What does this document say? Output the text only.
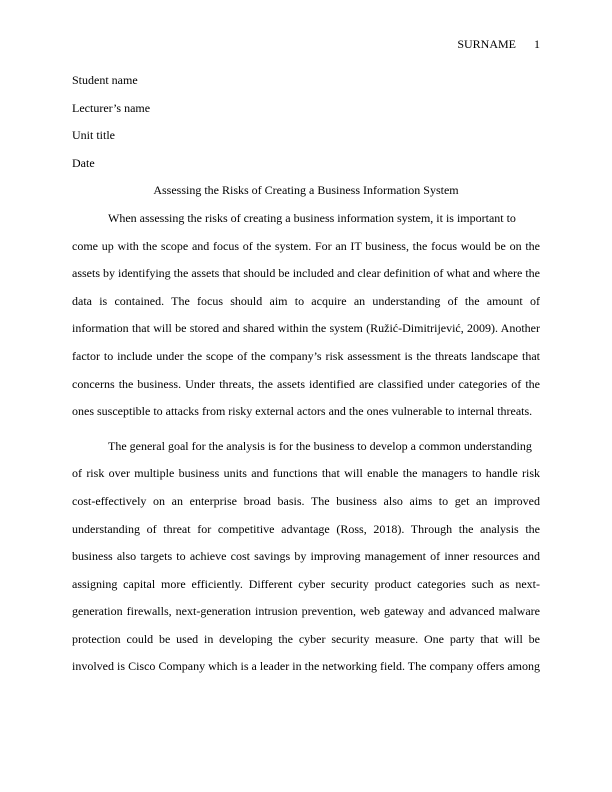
SURNAME 1
Student name
Lecturer’s name
Unit title
Date
Assessing the Risks of Creating a Business Information System
When assessing the risks of creating a business information system, it is important to
come up with the scope and focus of the system. For an IT business, the focus would be on the
assets by identifying the assets that should be included and clear definition of what and where the
data is contained. The focus should aim to acquire an understanding of the amount of
information that will be stored and shared within the system (Ružić-Dimitrijević, 2009). Another
factor to include under the scope of the company’s risk assessment is the threats landscape that
concerns the business. Under threats, the assets identified are classified under categories of the
ones susceptible to attacks from risky external actors and the ones vulnerable to internal threats.
The general goal for the analysis is for the business to develop a common understanding
of risk over multiple business units and functions that will enable the managers to handle risk
cost-effectively on an enterprise broad basis. The business also aims to get an improved
understanding of threat for competitive advantage (Ross, 2018). Through the analysis the
business also targets to achieve cost savings by improving management of inner resources and
assigning capital more efficiently. Different cyber security product categories such as next-
generation firewalls, next-generation intrusion prevention, web gateway and advanced malware
protection could be used in developing the cyber security measure. One party that will be
involved is Cisco Company which is a leader in the networking field. The company offers among
